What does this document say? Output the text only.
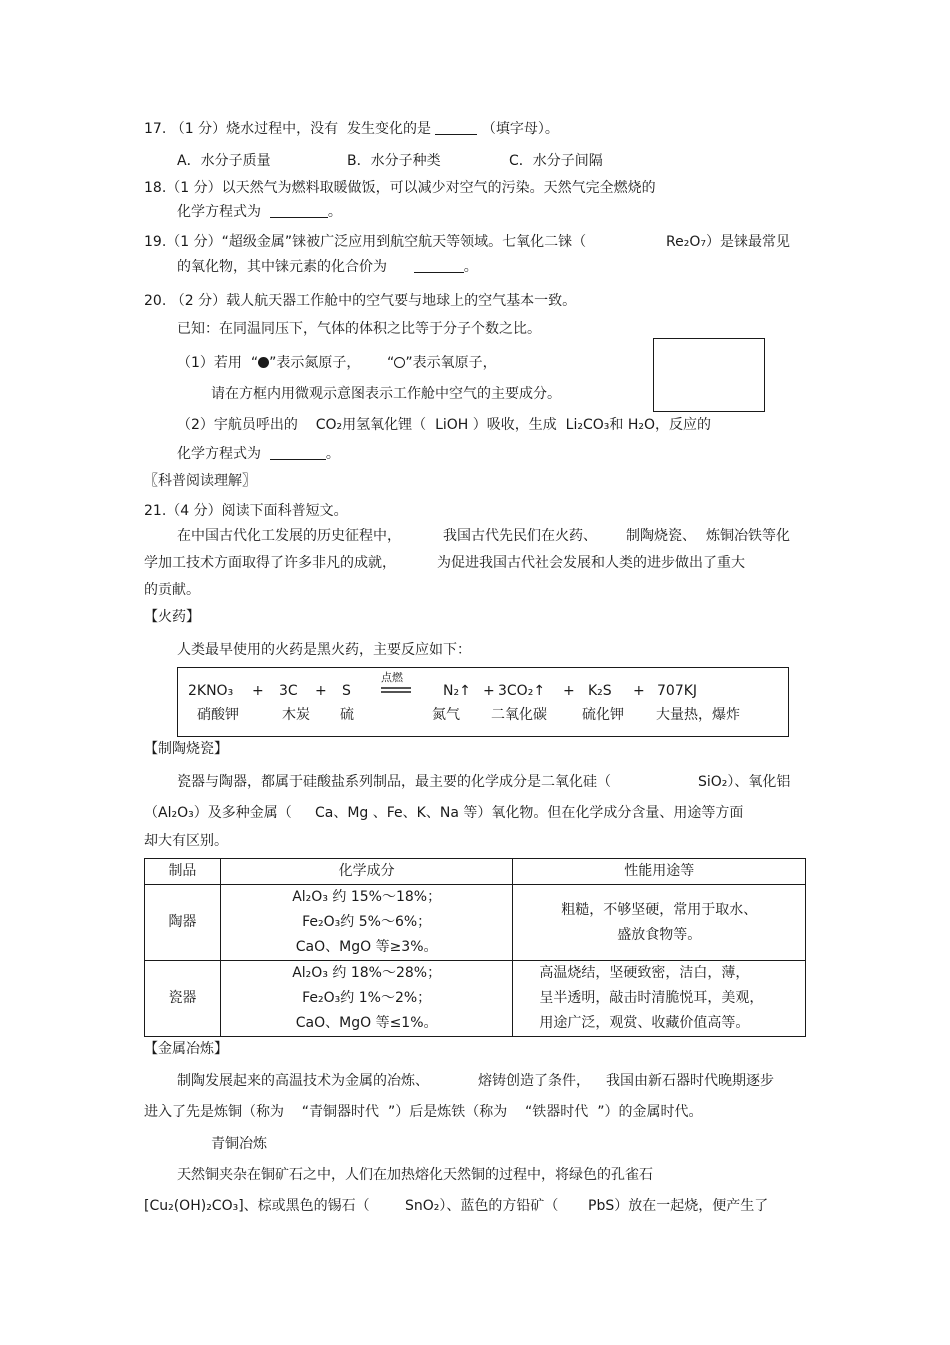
17. （1 分）烧水过程中，没有 发生变化的是	（填字母）。
A．水分子质量	B．水分子种类	C．水分子间隔
18.（1 分）以天然气为燃料取暖做饭，可以减少对空气的污染。天然气完全燃烧的
化学方程式为	。
19.（1 分）“超级金属”铼被广泛应用到航空航天等领域。七氧化二铼（	Re₂O₇）是铼最常见
的氧化物，其中铼元素的化合价为	。
20. （2 分）载人航天器工作舱中的空气要与地球上的空气基本一致。
已知：在同温同压下，气体的体积之比等于分子个数之比。
（1）若用  “ ”表示氮原子，      “ ”表示氧原子，
请在方框内用微观示意图表示工作舱中空气的主要成分。
（2）宇航员呼出的 CO₂用氢氧化锂（ LiOH ）吸收，生成 Li₂CO₃和 H₂O，反应的
化学方程式为	。
〖科普阅读理解〗
21.（4 分）阅读下面科普短文。
在中国古代化工发展的历史征程中，	我国古代先民们在火药、 制陶烧瓷、 炼铜冶铁等化
学加工技术方面取得了许多非凡的成就，	为促进我国古代社会发展和人类的进步做出了重大
的贡献。
【火药】
人类最早使用的火药是黑火药，主要反应如下：
点燃
2KNO₃ + 3C + S	N₂↑ + 3CO₂↑ + K₂S + 707KJ
硝酸钾	木炭 硫	氮气 二氧化碳	硫化钾 大量热，爆炸
【制陶烧瓷】
瓷器与陶器，都属于硅酸盐系列制品，最主要的化学成分是二氧化硅（	SiO₂）、氧化铝
（Al₂O₃）及多种金属（ Ca、Mg 、Fe、K、Na 等）氧化物。但在化学成分含量、用途等方面
却大有区别。
制品	化学成分	性能用途等
陶器	Al₂O₃ 约 15%～18%；
Fe₂O₃约 5%～6%；
CaO、MgO 等≥3%。	粗糙，不够坚硬，常用于取水、
盛放食物等。

瓷器	Al₂O₃ 约 18%～28%；
Fe₂O₃约 1%～2%；
CaO、MgO 等≤1%。	高温烧结，坚硬致密，洁白，薄，
呈半透明，敲击时清脆悦耳，美观，
用途广泛，观赏、收藏价值高等。
【金属冶炼】
制陶发展起来的高温技术为金属的冶炼、	熔铸创造了条件， 我国由新石器时代晚期逐步
进入了先是炼铜（称为    “青铜器时代 ”）后是炼铁（称为    “铁器时代 ”）的金属时代。
青铜冶炼
天然铜夹杂在铜矿石之中，人们在加热熔化天然铜的过程中，将绿色的孔雀石
[Cu₂(OH)₂CO₃]、棕或黑色的锡石（	SnO₂）、蓝色的方铅矿（ PbS）放在一起烧，便产生了
